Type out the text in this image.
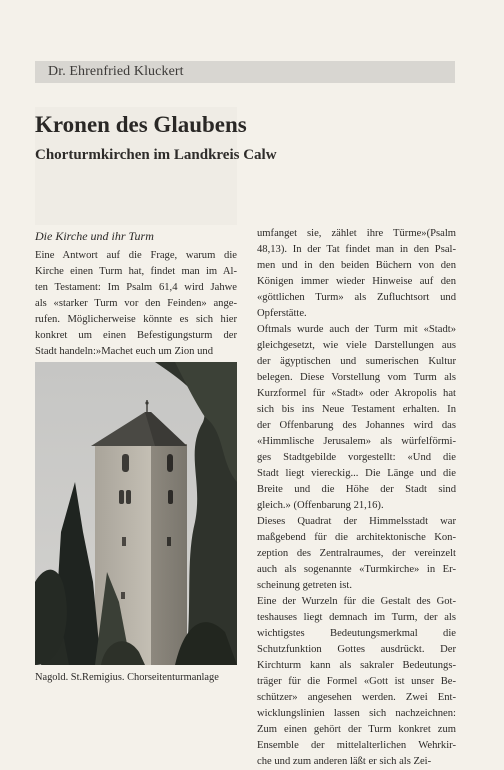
Dr. Ehrenfried Kluckert
Kronen des Glaubens
Chorturmkirchen im Landkreis Calw

Die Kirche und ihr Turm

Eine Antwort auf die Frage, warum die
Kirche einen Turm hat, findet man im Al-
ten Testament: Im Psalm 61,4 wird Jahwe
als «starker Turm vor den Feinden» ange-
rufen. Möglicherweise könnte es sich hier
konkret um einen Befestigungsturm der
Stadt handeln:»Machet euch um Zion und
Nagold. St.Remigius. Chorseitenturmanlage
umfanget sie, zählet ihre Türme»(Psalm
48,13). In der Tat findet man in den Psal-
men und in den beiden Büchern von den
Königen immer wieder Hinweise auf den
«göttlichen Turm» als Zufluchtsort und
Opferstätte.
Oftmals wurde auch der Turm mit «Stadt»
gleichgesetzt, wie viele Darstellungen aus
der ägyptischen und sumerischen Kultur
belegen. Diese Vorstellung vom Turm als
Kurzformel für «Stadt» oder Akropolis hat
sich bis ins Neue Testament erhalten. In
der Offenbarung des Johannes wird das
«Himmlische Jerusalem» als würfelförmi-
ges Stadtgebilde vorgestellt: «Und die
Stadt liegt viereckig... Die Länge und die
Breite und die Höhe der Stadt sind
gleich.» (Offenbarung 21,16).
Dieses Quadrat der Himmelsstadt war
maßgebend für die architektonische Kon-
zeption des Zentralraumes, der vereinzelt
auch als sogenannte «Turmkirche» in Er-
scheinung getreten ist.
Eine der Wurzeln für die Gestalt des Got-
teshauses liegt demnach im Turm, der als
wichtigstes Bedeutungsmerkmal die
Schutzfunktion Gottes ausdrückt. Der
Kirchturm kann als sakraler Bedeutungs-
träger für die Formel «Gott ist unser Be-
schützer» angesehen werden. Zwei Ent-
wicklungslinien lassen sich nachzeichnen:
Zum einen gehört der Turm konkret zum
Ensemble der mittelalterlichen Wehrkir-
che und zum anderen läßt er sich als Zei-
